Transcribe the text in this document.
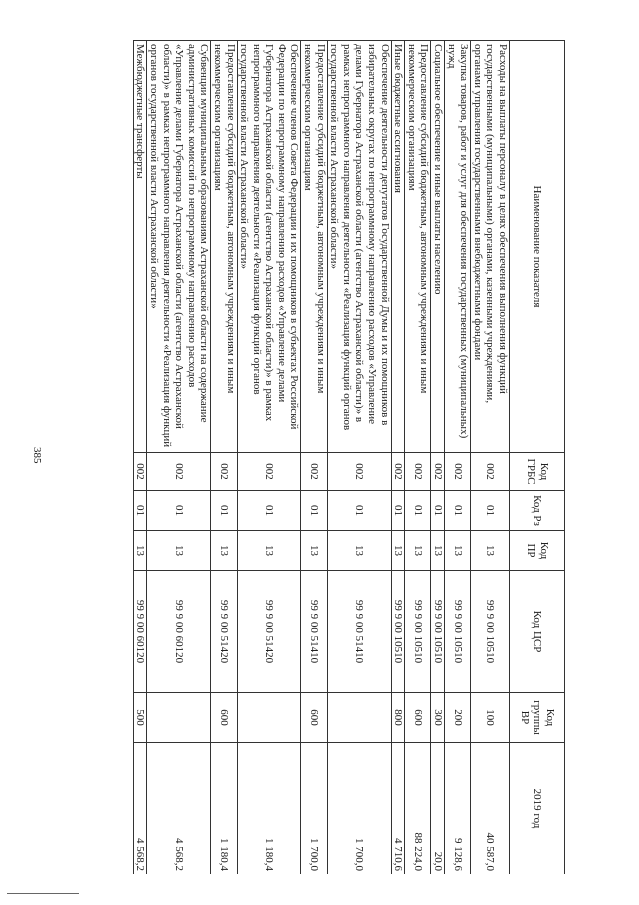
385
Наименование показателя	Код ГРБС	Код Рз	Код ПР	Код ЦСР	Код группы ВР	2019 год
Расходы на выплаты персоналу в целях обеспечения выполнения функций государственными (муниципальными) органами, казенными учреждениями, органами управления государственными внебюджетными фондами	002	01	13	99 9 00 10510	100	40 587,0
Закупка товаров, работ и услуг для обеспечения государственных (муниципальных) нужд	002	01	13	99 9 00 10510	200	9 128,6
Социальное обеспечение и иные выплаты населению	002	01	13	99 9 00 10510	300	20,0
Предоставление субсидий бюджетным, автономным учреждениям и иным некоммерческим организациям	002	01	13	99 9 00 10510	600	88 224,0
Иные бюджетные ассигнования	002	01	13	99 9 00 10510	800	4 710,6
Обеспечение деятельности депутатов Государственной Думы и их помощников в избирательных округах по непрограммному направлению расходов «Управление делами Губернатора Астраханской области (агентство Астраханской области)» в рамках непрограммного направления деятельности «Реализация функций органов государственной власти Астраханской области»	002	01	13	99 9 00 51410		1 700,0
Предоставление субсидий бюджетным, автономным учреждениям и иным некоммерческим организациям	002	01	13	99 9 00 51410	600	1 700,0
Обеспечение членов Совета Федерации и их помощников в субъектах Российской Федерации по непрограммному направлению расходов «Управление делами Губернатора Астраханской области (агентство Астраханской области)» в рамках непрограммного направления деятельности «Реализация функций органов государственной власти Астраханской области»	002	01	13	99 9 00 51420		1 180,4
Предоставление субсидий бюджетным, автономным учреждениям и иным некоммерческим организациям	002	01	13	99 9 00 51420	600	1 180,4
Субвенции муниципальным образованиям Астраханской области на содержание административных комиссий по непрограммному направлению расходов «Управление делами Губернатора Астраханской области (агентство Астраханской области)» в рамках непрограммного направления деятельности «Реализация функций органов государственной власти Астраханской области»	002	01	13	99 9 00 60120		4 568,2
Межбюджетные трансферты	002	01	13	99 9 00 60120	500	4 568,2
